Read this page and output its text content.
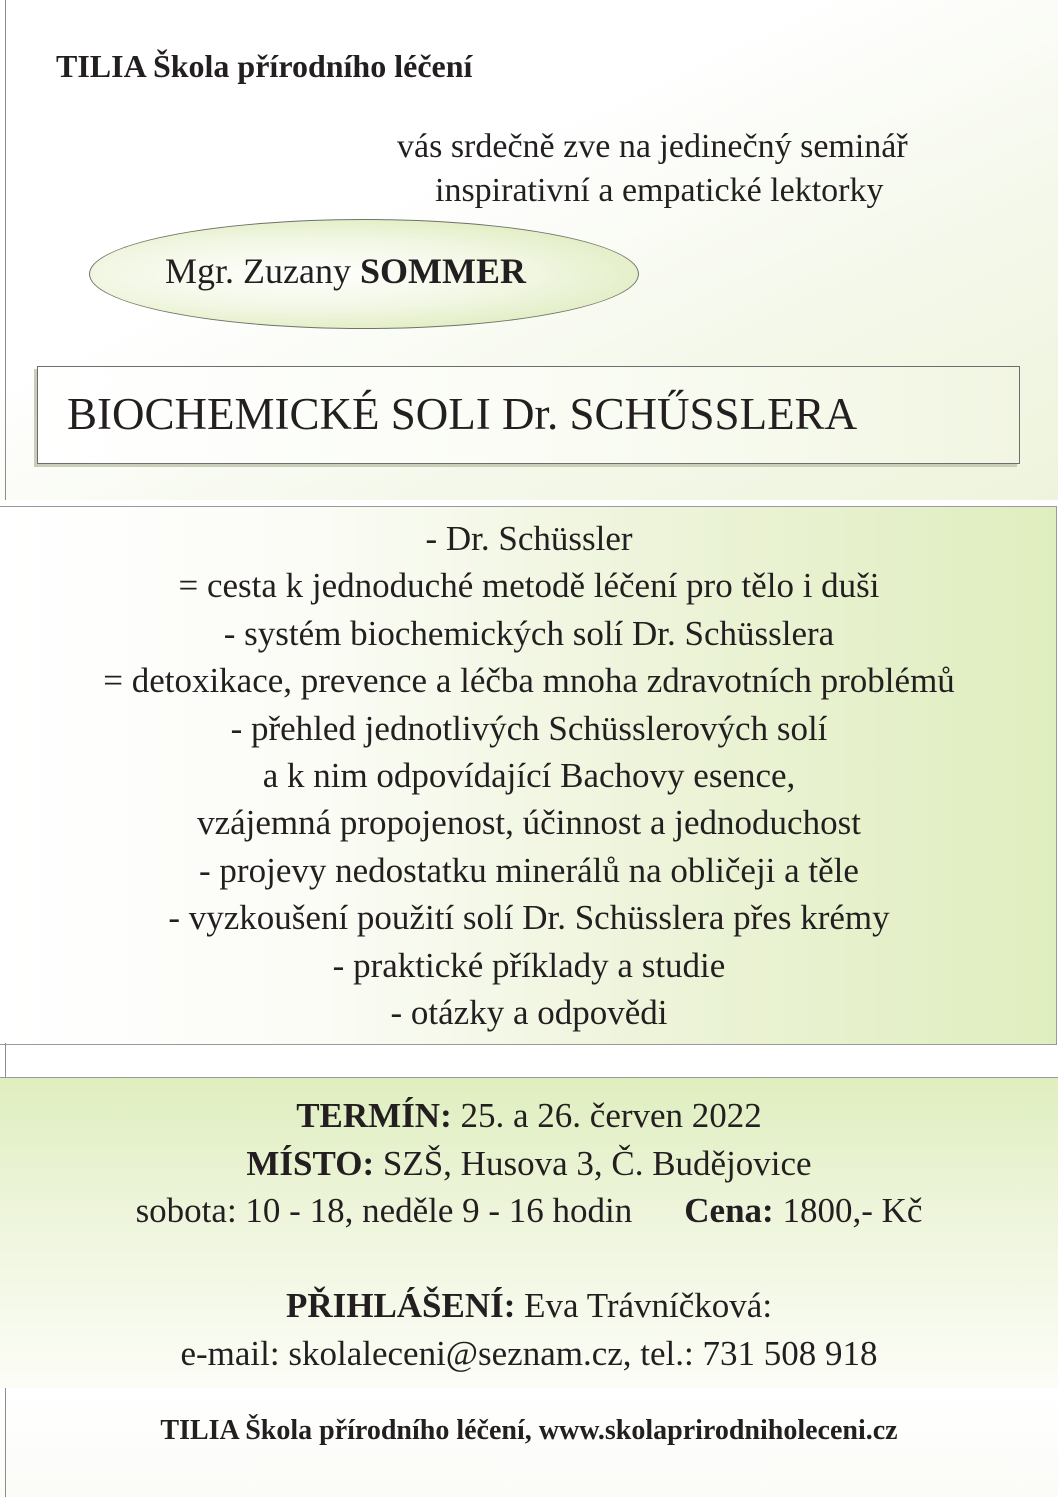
TILIA Škola přírodního léčení
vás srdečně zve na jedinečný seminář
inspirativní a empatické lektorky
Mgr. Zuzany SOMMER
BIOCHEMICKÉ SOLI Dr. SCHŰSSLERA
- Dr. Schüssler
= cesta k jednoduché metodě léčení pro tělo i duši
- systém biochemických solí Dr. Schüsslera
= detoxikace, prevence a léčba mnoha zdravotních problémů
- přehled jednotlivých Schüsslerových solí
a k nim odpovídající Bachovy esence,
vzájemná propojenost, účinnost a jednoduchost
- projevy nedostatku minerálů na obličeji a těle
- vyzkoušení použití solí Dr. Schüsslera přes krémy
- praktické příklady a studie
- otázky a odpovědi
TERMÍN: 25. a 26. červen 2022
MÍSTO: SZŠ, Husova 3, Č. Budějovice
sobota: 10 - 18, neděle 9 - 16 hodin Cena: 1800,- Kč
PŘIHLÁŠENÍ: Eva Trávníčková:
e-mail: skolaleceni@seznam.cz, tel.: 731 508 918
TILIA Škola přírodního léčení, www.skolaprirodniholeceni.cz
